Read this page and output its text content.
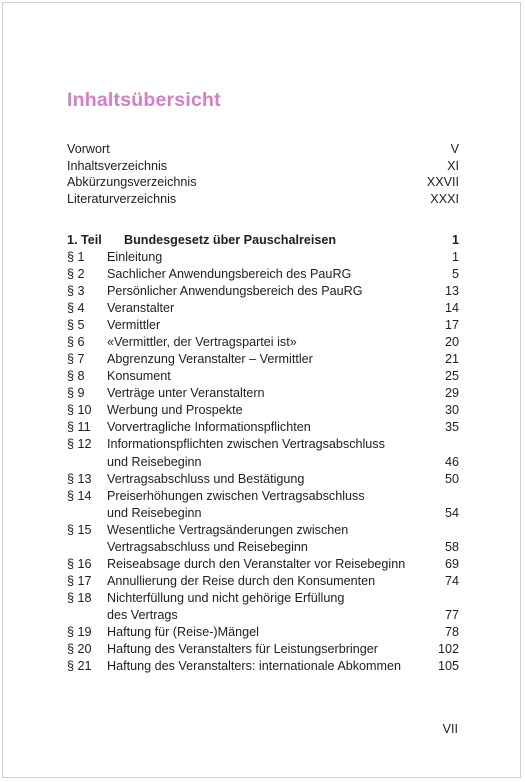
Inhaltsübersicht
Vorwort	V
Inhaltsverzeichnis	XI
Abkürzungsverzeichnis	XXVII
Literaturverzeichnis	XXXI
1. Teil Bundesgesetz über Pauschalreisen	1
§ 1 Einleitung	1
§ 2 Sachlicher Anwendungsbereich des PauRG	5
§ 3 Persönlicher Anwendungsbereich des PauRG	13
§ 4 Veranstalter	14
§ 5 Vermittler	17
§ 6 «Vermittler, der Vertragspartei ist»	20
§ 7 Abgrenzung Veranstalter – Vermittler	21
§ 8 Konsument	25
§ 9 Verträge unter Veranstaltern	29
§ 10 Werbung und Prospekte	30
§ 11 Vorvertragliche Informationspflichten	35
§ 12 Informationspflichten zwischen Vertragsabschluss
und Reisebeginn	46
§ 13 Vertragsabschluss und Bestätigung	50
§ 14 Preiserhöhungen zwischen Vertragsabschluss
und Reisebeginn	54
§ 15 Wesentliche Vertragsänderungen zwischen
Vertragsabschluss und Reisebeginn	58
§ 16 Reiseabsage durch den Veranstalter vor Reisebeginn	69
§ 17 Annullierung der Reise durch den Konsumenten	74
§ 18 Nichterfüllung und nicht gehörige Erfüllung
des Vertrags	77
§ 19 Haftung für (Reise-)Mängel	78
§ 20 Haftung des Veranstalters für Leistungserbringer	102
§ 21 Haftung des Veranstalters: internationale Abkommen	105
VII
